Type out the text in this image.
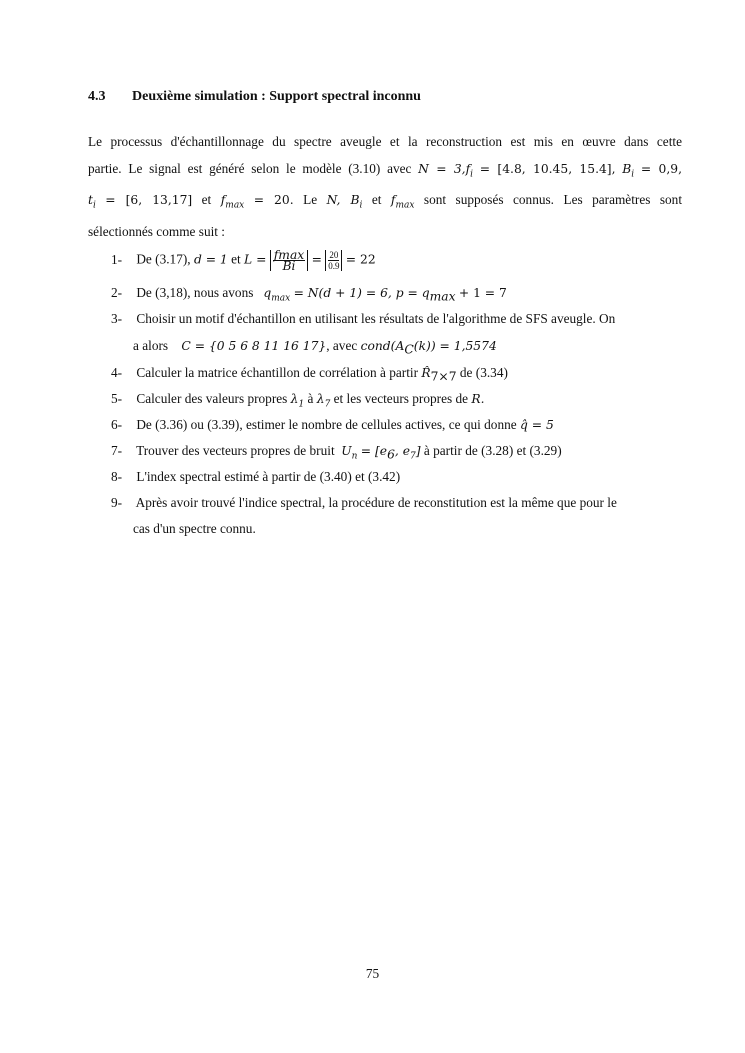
4.3 Deuxième simulation : Support spectral inconnu
Le processus d'échantillonnage du spectre aveugle et la reconstruction est mis en œuvre dans cette
partie. Le signal est généré selon le modèle (3.10) avec $N = 3,f_i = [4.8$, 10.45, 15.4], $B_i = 0,9$,
$t_i = [6$, 13,17] et $f_{max} = 20$. Le N, $B_i$ et $f_{max}$ sont supposés connus. Les paramètres sont
sélectionnés comme suit :
1- De (3.17), d = 1 et $L = \frac{fmax}{Bi} = \frac{20}{0.9} = 22$
2- De (3,18), nous avons $q_{max} = N(d + 1) = 6$, $p = q_{max} + 1 = 7$
3- Choisir un motif d'échantillon en utilisant les résultats de l'algorithme de SFS aveugle. On
a alors C = {0 5 6 8 11 16 17}, avec $cond(A_C(k)) = 1,5574$
4- Calculer la matrice échantillon de corrélation à partir $R̂_{7\times 7}$ de (3.34)
5- Calculer des valeurs propres $\lambda_1$ à $\lambda_7$ et les vecteurs propres de R.
6- De (3.36) ou (3.39), estimer le nombre de cellules actives, ce qui donne q̂ = 5
7- Trouver des vecteurs propres de bruit $U_n = [e_6$, $e_7$] à partir de (3.28) et (3.29)
8- L'index spectral estimé à partir de (3.40) et (3.42)
9- Après avoir trouvé l'indice spectral, la procédure de reconstitution est la même que pour le
cas d'un spectre connu.
75
